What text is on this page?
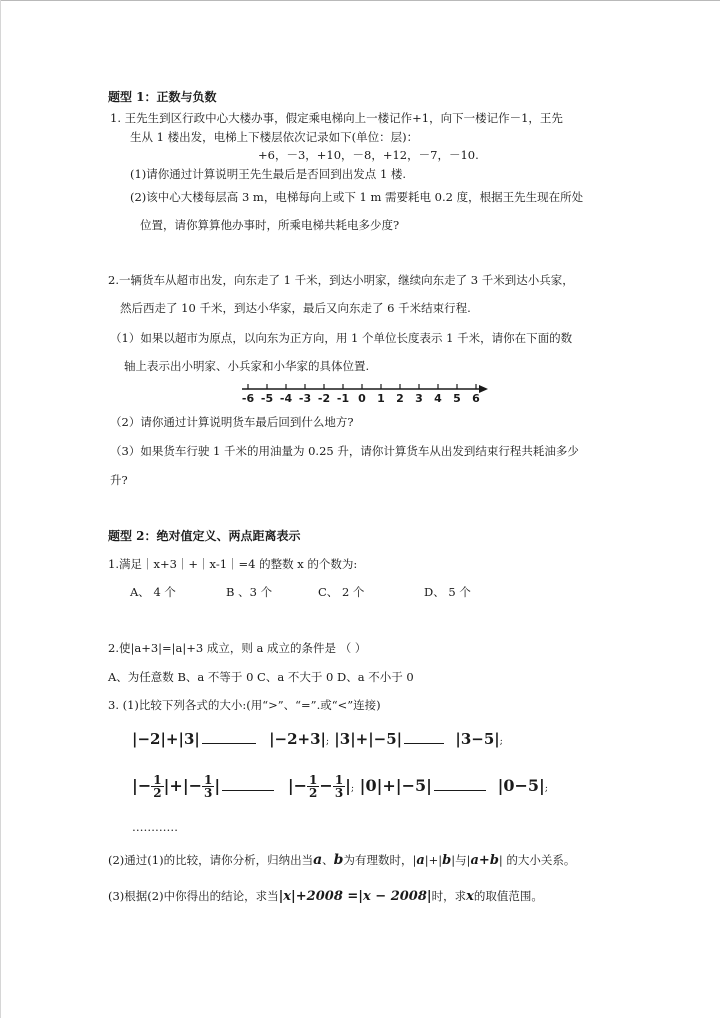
题型 1：正数与负数
1. 王先生到区行政中心大楼办事，假定乘电梯向上一楼记作+1，向下一楼记作－1，王先
生从 1 楼出发，电梯上下楼层依次记录如下(单位：层)：
+6，－3，+10，－8，+12，－7，－10.
(1)请你通过计算说明王先生最后是否回到出发点 1 楼.
(2)该中心大楼每层高 3 m，电梯每向上或下 1 m 需要耗电 0.2 度，根据王先生现在所处
位置，请你算算他办事时，所乘电梯共耗电多少度?
2.一辆货车从超市出发，向东走了 1 千米，到达小明家，继续向东走了 3 千米到达小兵家，
然后西走了 10 千米，到达小华家，最后又向东走了 6 千米结束行程.
（1）如果以超市为原点，以向东为正方向，用 1 个单位长度表示 1 千米，请你在下面的数
轴上表示出小明家、小兵家和小华家的具体位置.
-6 -5 -4 -3 -2 -1 0 1 2 3 4 5 6
（2）请你通过计算说明货车最后回到什么地方?
（3）如果货车行驶 1 千米的用油量为 0.25 升，请你计算货车从出发到结束行程共耗油多少
升?
题型 2：绝对值定义、两点距离表示
1.满足｜x+3｜+｜x-1｜=4 的整数 x 的个数为:
A、 4 个	B 、3 个	C、 2 个	D、 5 个
2.使|a+3|=|a|+3 成立，则 a 成立的条件是 （ ）
A、为任意数 B、a 不等于 0 C、a 不大于 0 D、a 不小于 0
3. (1)比较下列各式的大小:(用“>”、“=”.或“<”连接)
|−2|+|3|	|−2+3|; |3|+|−5|	|3−5|;
|− $\frac{1}{2}$ |+|− $\frac{1}{3}$ |	|− $\frac{1}{2} - \frac{1}{3}$ |; |0|+|−5|	|0−5|;
…………
(2)通过(1)的比较，请你分析，归纳出当a、b为有理数时，|a|+|b|与|a+b| 的大小关系。
(3)根据(2)中你得出的结论，求当|x|+2008 =|x − 2008|时，求x的取值范围。
